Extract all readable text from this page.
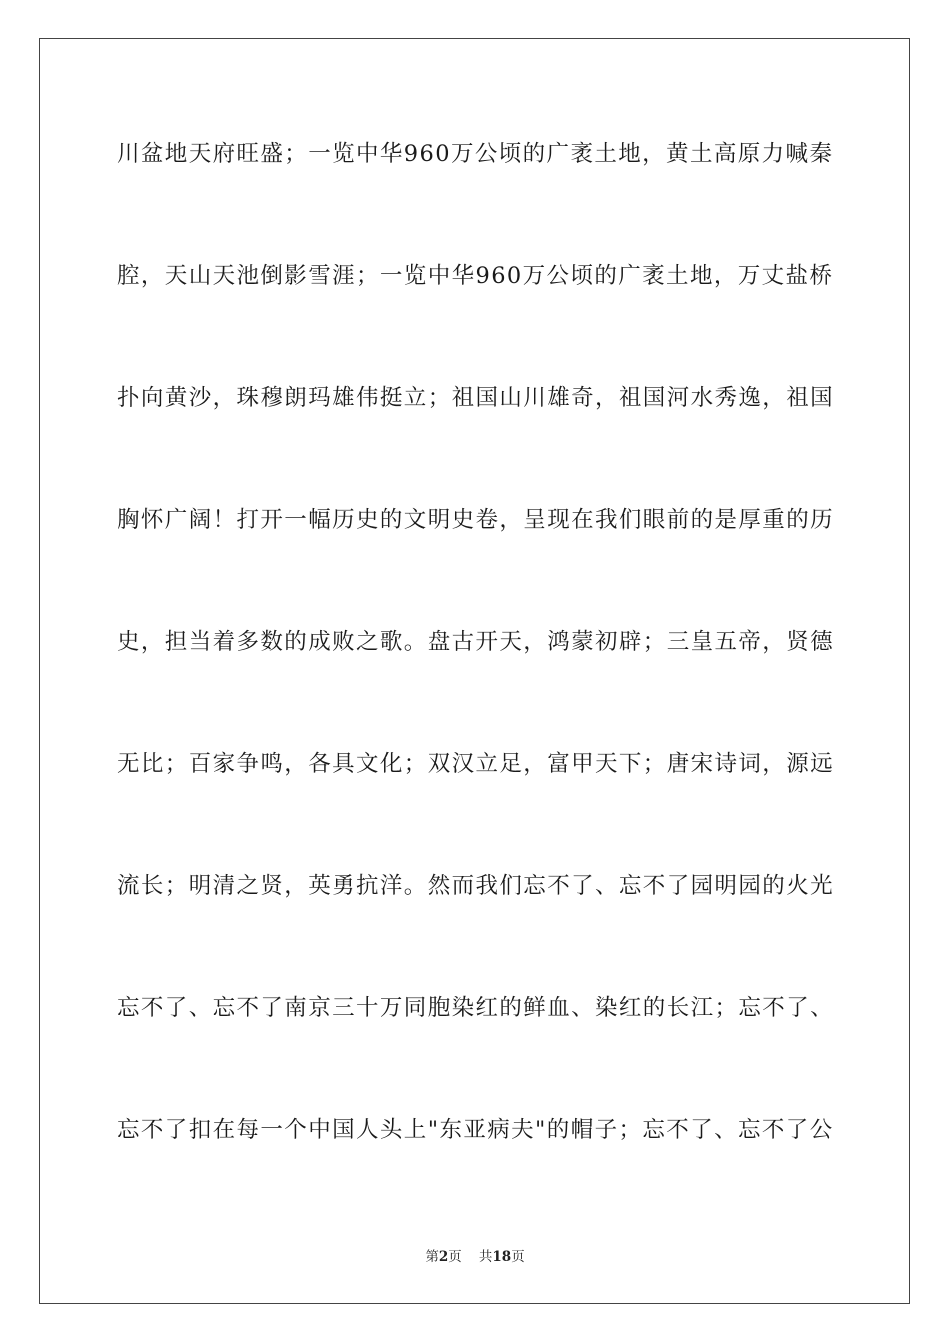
川盆地天府旺盛；一览中华960万公顷的广袤土地，黄土高原力喊秦
腔，天山天池倒影雪涯；一览中华960万公顷的广袤土地，万丈盐桥
扑向黄沙，珠穆朗玛雄伟挺立；祖国山川雄奇，祖国河水秀逸，祖国
胸怀广阔！打开一幅历史的文明史卷，呈现在我们眼前的是厚重的历
史，担当着多数的成败之歌。盘古开天，鸿蒙初辟；三皇五帝，贤德
无比；百家争鸣，各具文化；双汉立足，富甲天下；唐宋诗词，源远
流长；明清之贤，英勇抗洋。然而我们忘不了、忘不了园明园的火光
忘不了、忘不了南京三十万同胞染红的鲜血、染红的长江；忘不了、
忘不了扣在每一个中国人头上"东亚病夫"的帽子；忘不了、忘不了公
第2页 共18页
